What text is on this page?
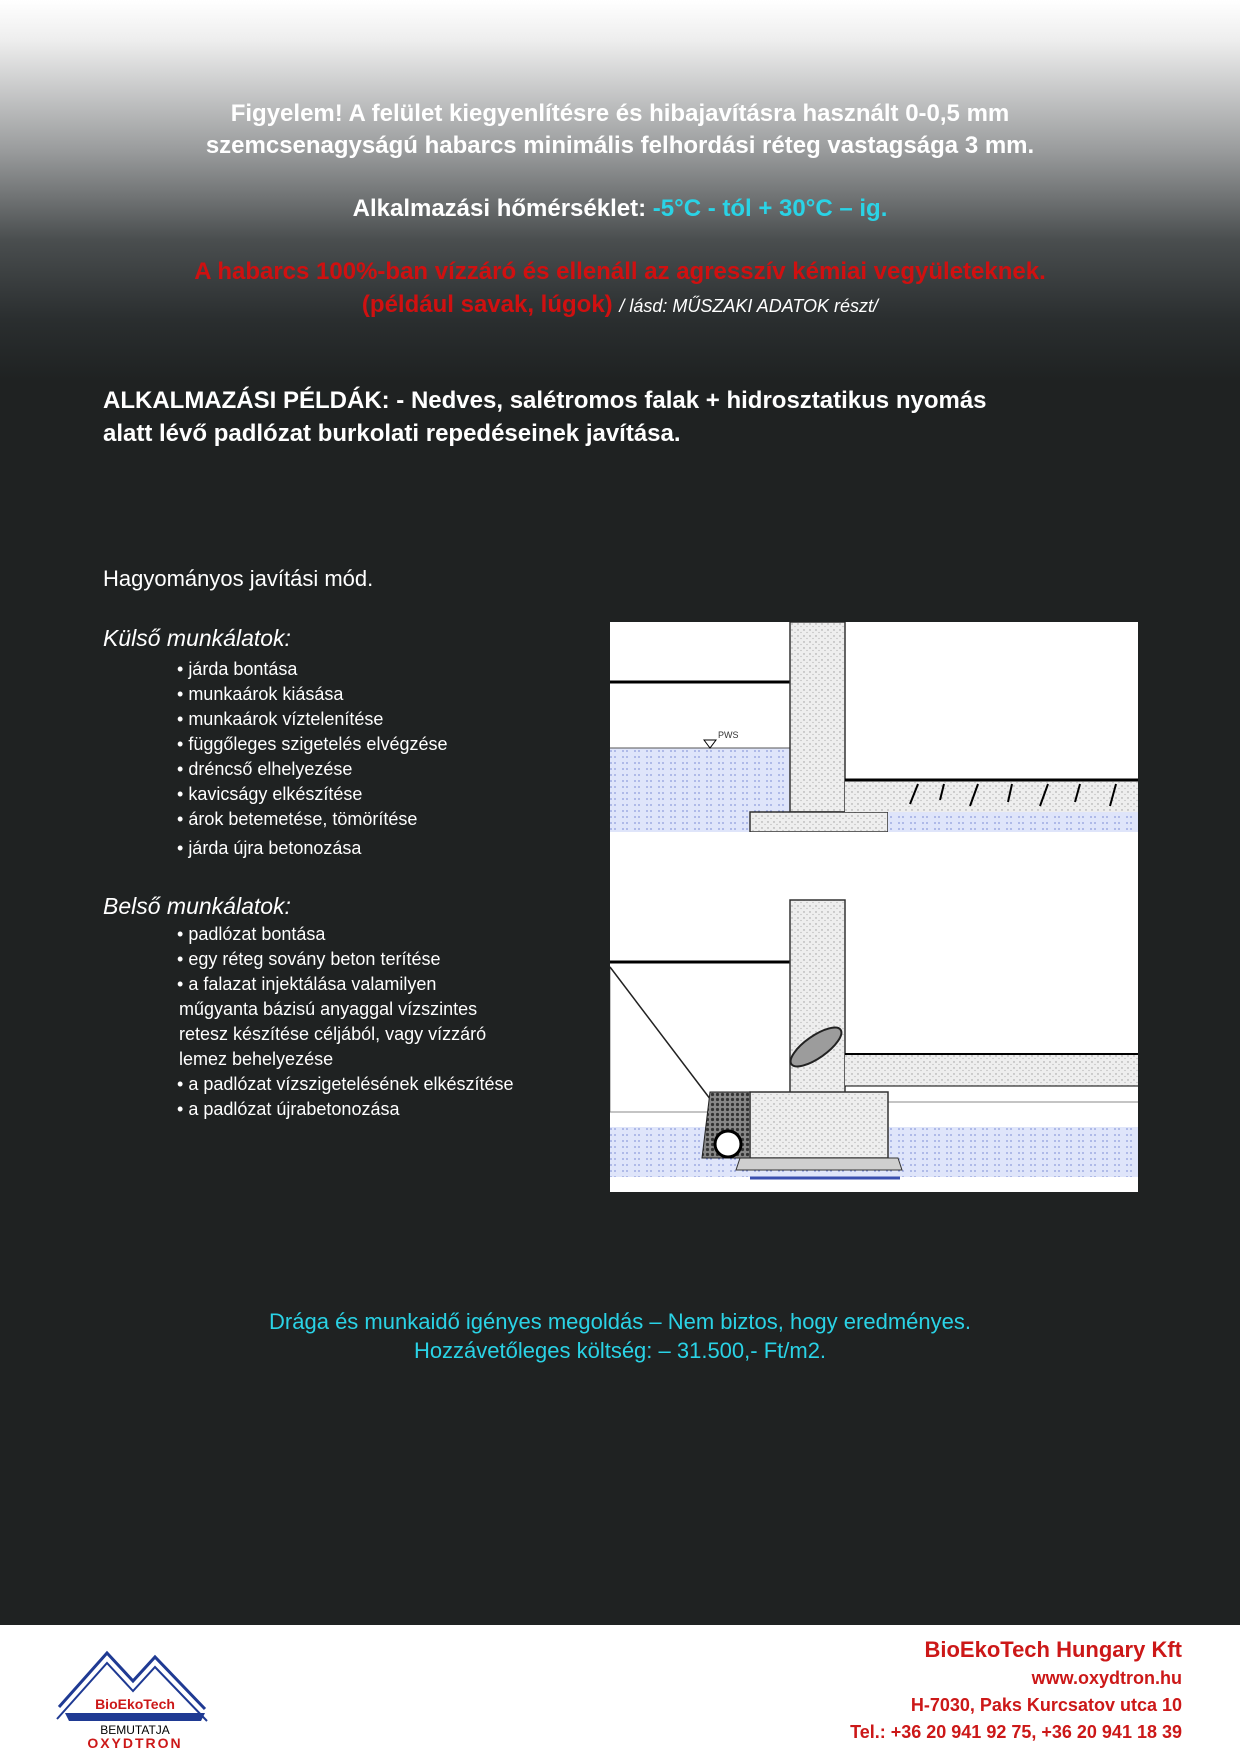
Figyelem! A felület kiegyenlítésre és hibajavításra használt 0-0,5 mm
szemcsenagyságú habarcs minimális felhordási réteg vastagsága 3 mm.
Alkalmazási hőmérséklet: -5°C - tól + 30°C – ig.
A habarcs 100%-ban vízzáró és ellenáll az agresszív kémiai vegyületeknek.
(például savak, lúgok) / lásd: MŰSZAKI ADATOK részt/
ALKALMAZÁSI PÉLDÁK: - Nedves, salétromos falak + hidrosztatikus nyomás
alatt lévő padlózat burkolati repedéseinek javítása.
Hagyományos javítási mód.
Külső munkálatok:
• járda bontása
• munkaárok kiásása
• munkaárok víztelenítése
• függőleges szigetelés elvégzése
• dréncső elhelyezése
• kavicságy elkészítése
• árok betemetése, tömörítése
• járda újra betonozása
Belső munkálatok:
• padlózat bontása
• egy réteg sovány beton terítése
• a falazat injektálása valamilyen
műgyanta bázisú anyaggal vízszintes
retesz készítése céljából, vagy vízzáró
lemez behelyezése
• a padlózat vízszigetelésének elkészítése
• a padlózat újrabetonozása
PWS
Drága és munkaidő igényes megoldás – Nem biztos, hogy eredményes.
Hozzávetőleges költség: – 31.500,- Ft/m2.
BioEkoTech
BEMUTATJA
OXYDTRON
BioEkoTech Hungary Kft
www.oxydtron.hu
H-7030, Paks Kurcsatov utca 10
Tel.: +36 20 941 92 75, +36 20 941 18 39
